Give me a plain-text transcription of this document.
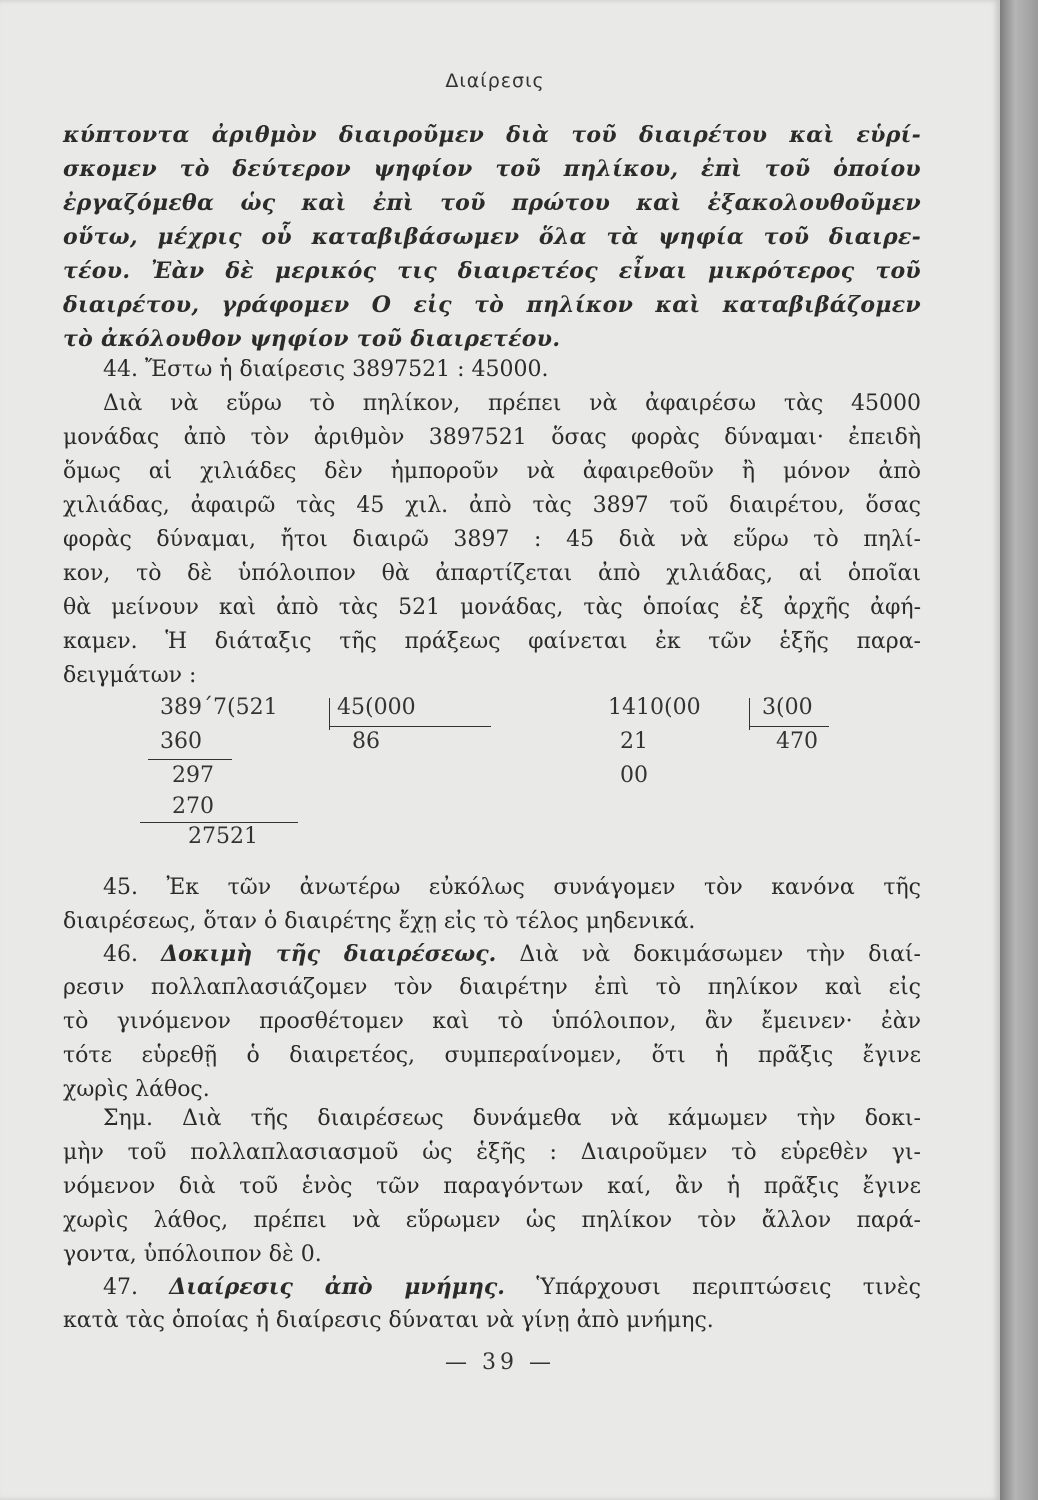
Διαίρεσις
κύπτοντα ἀριθμὸν διαιροῦμεν διὰ τοῦ διαιρέτου καὶ εὑρί-
σκομεν τὸ δεύτερον ψηφίον τοῦ πηλίκου, ἐπὶ τοῦ ὁποίου
ἐργαζόμεθα ὡς καὶ ἐπὶ τοῦ πρώτου καὶ ἐξακολουθοῦμεν
οὕτω, μέχρις οὗ καταβιβάσωμεν ὅλα τὰ ψηφία τοῦ διαιρε-
τέου. Ἐὰν δὲ μερικός τις διαιρετέος εἶναι μικρότερος τοῦ
διαιρέτου, γράφομεν Ο εἰς τὸ πηλίκον καὶ καταβιβάζομεν
τὸ ἀκόλουθον ψηφίον τοῦ διαιρετέου.
44. Ἔστω ἡ διαίρεσις 3897521 : 45000.
Διὰ νὰ εὕρω τὸ πηλίκον, πρέπει νὰ ἀφαιρέσω τὰς 45000
μονάδας ἀπὸ τὸν ἀριθμὸν 3897521 ὅσας φορὰς δύναμαι· ἐπειδὴ
ὅμως αἱ χιλιάδες δὲν ἠμποροῦν νὰ ἀφαιρεθοῦν ἢ μόνον ἀπὸ
χιλιάδας, ἀφαιρῶ τὰς 45 χιλ. ἀπὸ τὰς 3897 τοῦ διαιρέτου, ὅσας
φορὰς δύναμαι, ἤτοι διαιρῶ 3897 : 45 διὰ νὰ εὕρω τὸ πηλί-
κον, τὸ δὲ ὑπόλοιπον θὰ ἀπαρτίζεται ἀπὸ χιλιάδας, αἱ ὁποῖαι
θὰ μείνουν καὶ ἀπὸ τὰς 521 μονάδας, τὰς ὁποίας ἐξ ἀρχῆς ἀφή-
καμεν. Ἡ διάταξις τῆς πράξεως φαίνεται ἐκ τῶν ἑξῆς παρα-
δειγμάτων :
389΄7(521	45(000
86
360
297
270
27521
1410(00	3(00
470
21
00
45. Ἐκ τῶν ἀνωτέρω εὐκόλως συνάγομεν τὸν κανόνα τῆς
διαιρέσεως, ὅταν ὁ διαιρέτης ἔχῃ εἰς τὸ τέλος μηδενικά.
46. Δοκιμὴ τῆς διαιρέσεως. Διὰ νὰ δοκιμάσωμεν τὴν διαί-
ρεσιν πολλαπλασιάζομεν τὸν διαιρέτην ἐπὶ τὸ πηλίκον καὶ εἰς
τὸ γινόμενον προσθέτομεν καὶ τὸ ὑπόλοιπον, ἂν ἔμεινεν· ἐὰν
τότε εὑρεθῇ ὁ διαιρετέος, συμπεραίνομεν, ὅτι ἡ πρᾶξις ἔγινε
χωρὶς λάθος.
Σημ. Διὰ τῆς διαιρέσεως δυνάμεθα νὰ κάμωμεν τὴν δοκι-
μὴν τοῦ πολλαπλασιασμοῦ ὡς ἑξῆς : Διαιροῦμεν τὸ εὑρεθὲν γι-
νόμενον διὰ τοῦ ἑνὸς τῶν παραγόντων καί, ἂν ἡ πρᾶξις ἔγινε
χωρὶς λάθος, πρέπει νὰ εὕρωμεν ὡς πηλίκον τὸν ἄλλον παρά-
γοντα, ὑπόλοιπον δὲ 0.
47. Διαίρεσις ἀπὸ μνήμης. Ὑπάρχουσι περιπτώσεις τινὲς
κατὰ τὰς ὁποίας ἡ διαίρεσις δύναται νὰ γίνῃ ἀπὸ μνήμης.
— 39 —
